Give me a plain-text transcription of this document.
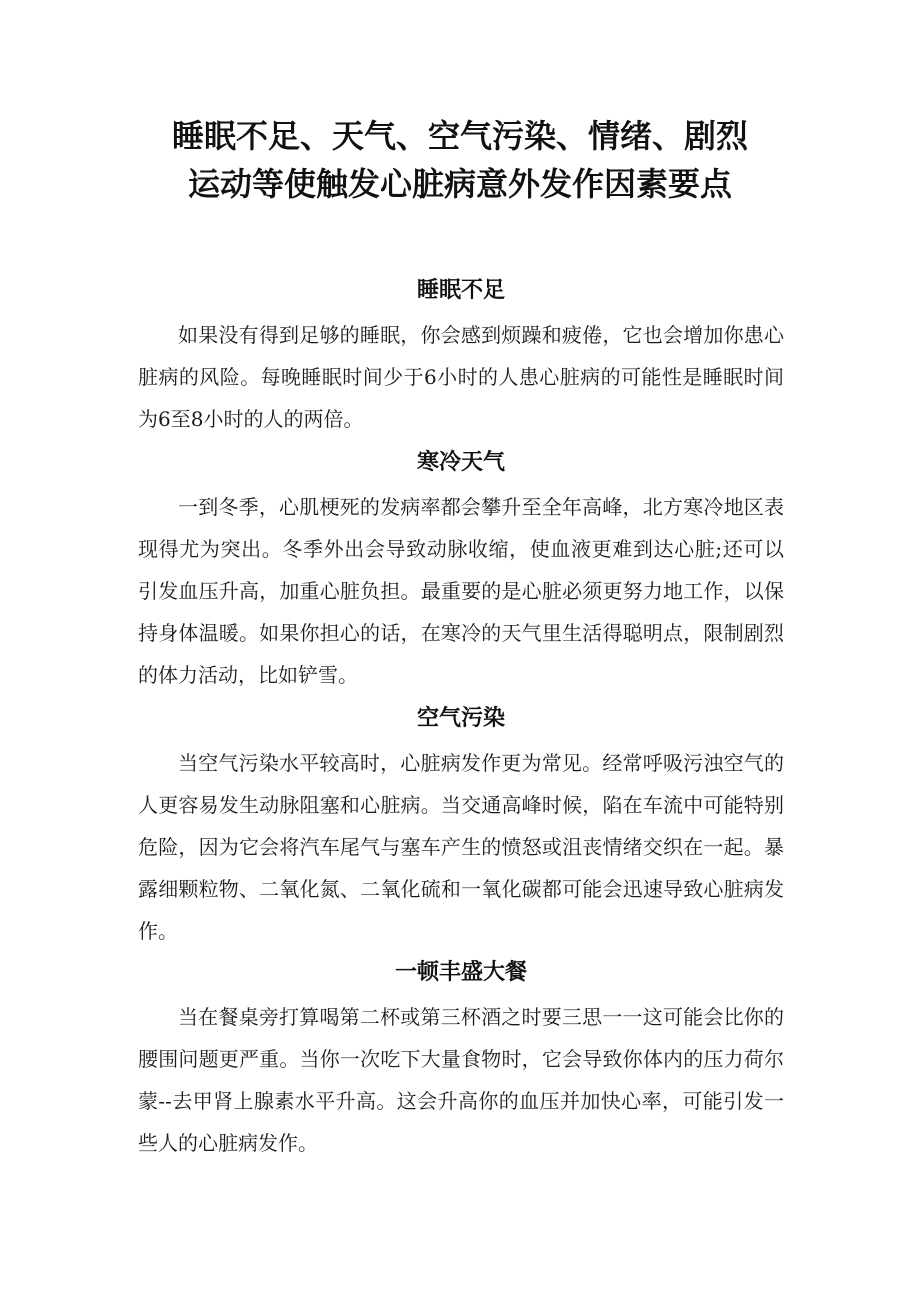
睡眠不足、天气、空气污染、情绪、剧烈
运动等使触发心脏病意外发作因素要点
睡眠不足

如果没有得到足够的睡眠，你会感到烦躁和疲倦，它也会增加你患心脏病的风险。每晚睡眠时间少于6小时的人患心脏病的可能性是睡眠时间为6至8小时的人的两倍。

寒冷天气

一到冬季，心肌梗死的发病率都会攀升至全年高峰，北方寒冷地区表现得尤为突出。冬季外出会导致动脉收缩，使血液更难到达心脏;还可以引发血压升高，加重心脏负担。最重要的是心脏必须更努力地工作，以保持身体温暖。如果你担心的话，在寒冷的天气里生活得聪明点，限制剧烈的体力活动，比如铲雪。

空气污染

当空气污染水平较高时，心脏病发作更为常见。经常呼吸污浊空气的人更容易发生动脉阻塞和心脏病。当交通高峰时候，陷在车流中可能特别危险，因为它会将汽车尾气与塞车产生的愤怒或沮丧情绪交织在一起。暴露细颗粒物、二氧化氮、二氧化硫和一氧化碳都可能会迅速导致心脏病发作。

一顿丰盛大餐

当在餐桌旁打算喝第二杯或第三杯酒之时要三思一一这可能会比你的腰围问题更严重。当你一次吃下大量食物时，它会导致你体内的压力荷尔蒙--去甲肾上腺素水平升高。这会升高你的血压并加快心率，可能引发一些人的心脏病发作。
